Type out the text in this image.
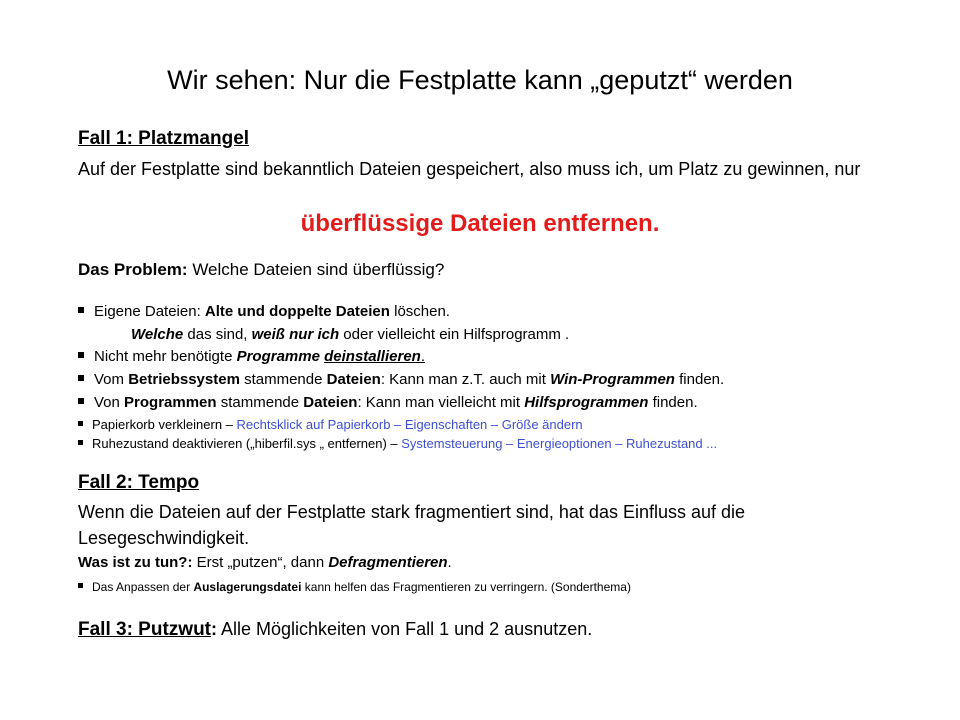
Wir sehen: Nur die Festplatte kann „geputzt“ werden
Fall 1: Platzmangel
Auf der Festplatte sind bekanntlich Dateien gespeichert, also muss ich, um Platz zu gewinnen, nur
überflüssige Dateien entfernen.
Das Problem: Welche Dateien sind überflüssig?
Eigene Dateien: Alte und doppelte Dateien löschen.
Welche das sind, weiß nur ich oder vielleicht ein Hilfsprogramm .
Nicht mehr benötigte Programme deinstallieren.
Vom Betriebssystem stammende Dateien: Kann man z.T. auch mit Win-Programmen finden.
Von Programmen stammende Dateien: Kann man vielleicht mit Hilfsprogrammen finden.
Papierkorb verkleinern – Rechtsklick auf Papierkorb – Eigenschaften – Größe ändern
Ruhezustand deaktivieren („hiberfil.sys „ entfernen) – Systemsteuerung – Energieoptionen – Ruhezustand ...
Fall 2: Tempo
Wenn die Dateien auf der Festplatte stark fragmentiert sind, hat das Einfluss auf die Lesegeschwindigkeit.
Was ist zu tun?: Erst „putzen“, dann Defragmentieren.
Das Anpassen der Auslagerungsdatei kann helfen das Fragmentieren zu verringern. (Sonderthema)
Fall 3: Putzwut: Alle Möglichkeiten von Fall 1 und 2 ausnutzen.
